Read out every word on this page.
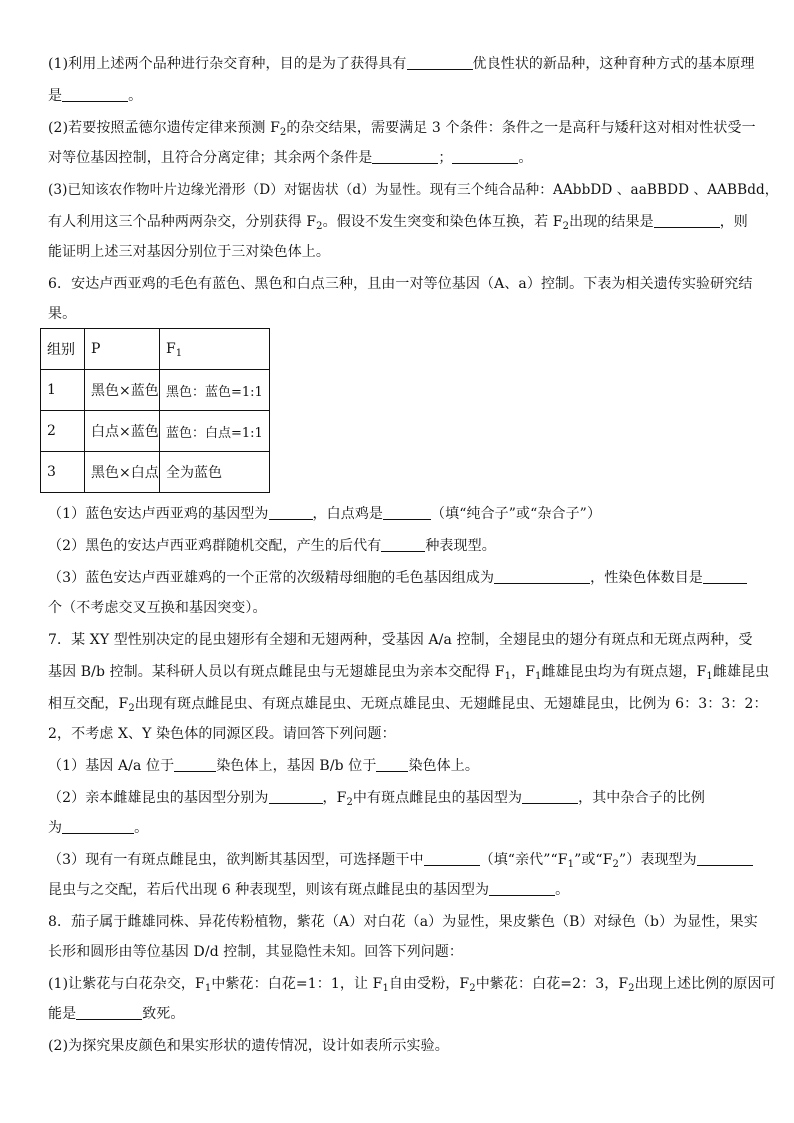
(1)利用上述两个品种进行杂交育种，目的是为了获得具有	优良性状的新品种，这种育种方式的基本原理
是	。
(2)若要按照孟德尔遗传定律来预测 $F_2$的杂交结果，需要满足 3 个条件：条件之一是高秆与矮秆这对相对性状受一
对等位基因控制，且符合分离定律；其余两个条件是	；	。
(3)已知该农作物叶片边缘光滑形（D）对锯齿状（d）为显性。现有三个纯合品种：AAbbDD 、aaBBDD 、AABBdd，
有人利用这三个品种两两杂交，分别获得 $F_2$。假设不发生突变和染色体互换，若 $F_2$出现的结果是	，则
能证明上述三对基因分别位于三对染色体上。
6．安达卢西亚鸡的毛色有蓝色、黑色和白点三种，且由一对等位基因（A、a）控制。下表为相关遗传实验研究结
果。
组别	P	$F_1$
1	黑色×蓝色	黑色：蓝色=1:1
2	白点×蓝色	蓝色：白点=1:1
3	黑色×白点	全为蓝色
（1）蓝色安达卢西亚鸡的基因型为	，白点鸡是	（填“纯合子”或“杂合子”）
（2）黑色的安达卢西亚鸡群随机交配，产生的后代有	种表现型。
（3）蓝色安达卢西亚雄鸡的一个正常的次级精母细胞的毛色基因组成为	，性染色体数目是
个（不考虑交叉互换和基因突变）。
7．某 XY 型性别决定的昆虫翅形有全翅和无翅两种，受基因 A/a 控制，全翅昆虫的翅分有斑点和无斑点两种，受
基因 B/b 控制。某科研人员以有斑点雌昆虫与无翅雄昆虫为亲本交配得 $F_1$，$F_1$雌雄昆虫均为有斑点翅，$F_1$雌雄昆虫
相互交配，$F_2$出现有斑点雌昆虫、有斑点雄昆虫、无斑点雄昆虫、无翅雌昆虫、无翅雄昆虫，比例为 6：3：3：2：
2，不考虑 X、Y 染色体的同源区段。请回答下列问题：
（1）基因 A/a 位于	染色体上，基因 B/b 位于 染色体上。
（2）亲本雌雄昆虫的基因型分别为	，$F_2$中有斑点雌昆虫的基因型为	，其中杂合子的比例
为	。
（3）现有一有斑点雌昆虫，欲判断其基因型，可选择题干中	（填“亲代$”“F_1$”或“$F_2$”）表现型为
昆虫与之交配，若后代出现 6 种表现型，则该有斑点雌昆虫的基因型为	。
8．茄子属于雌雄同株、异花传粉植物，紫花（A）对白花（a）为显性，果皮紫色（B）对绿色（b）为显性，果实
长形和圆形由等位基因 D/d 控制，其显隐性未知。回答下列问题：
(1)让紫花与白花杂交，$F_1$中紫花：白花=1：1，让 $F_1$自由受粉，$F_2$中紫花：白花=2：3，$F_2$出现上述比例的原因可
能是	致死。
(2)为探究果皮颜色和果实形状的遗传情况，设计如表所示实验。
